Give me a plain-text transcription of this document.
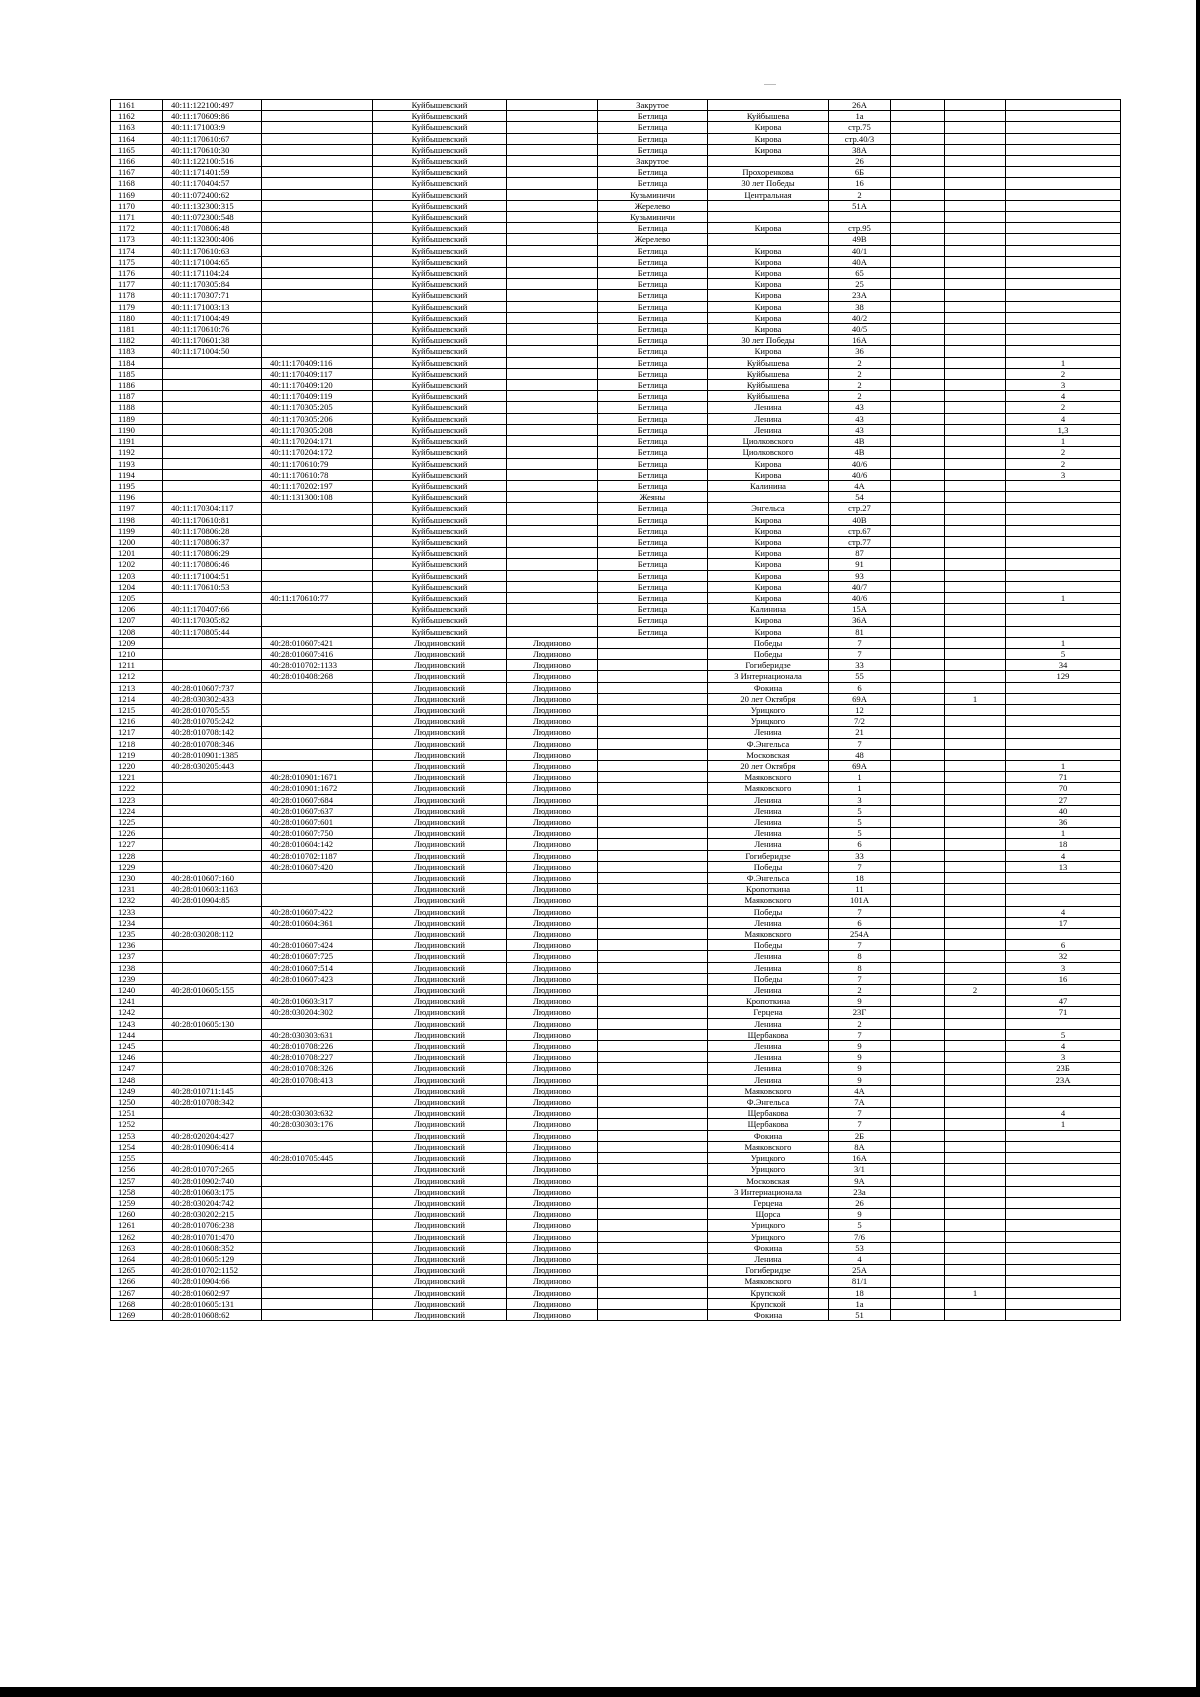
1161	40:11:122100:497		Куйбышевский		Закрутое		26А			
1162	40:11:170609:86		Куйбышевский		Бетлица	Куйбышева	1а			
1163	40:11:171003:9		Куйбышевский		Бетлица	Кирова	стр.75			
1164	40:11:170610:67		Куйбышевский		Бетлица	Кирова	стр.40/3			
1165	40:11:170610:30		Куйбышевский		Бетлица	Кирова	38А			
1166	40:11:122100:516		Куйбышевский		Закрутое		26			
1167	40:11:171401:59		Куйбышевский		Бетлица	Прохоренкова	6Б			
1168	40:11:170404:57		Куйбышевский		Бетлица	30 лет Победы	16			
1169	40:11:072400:62		Куйбышевский		Кузьминичи	Центральная	2			
1170	40:11:132300:315		Куйбышевский		Жерелево		51А			
1171	40:11:072300:548		Куйбышевский		Кузьминичи					
1172	40:11:170806:48		Куйбышевский		Бетлица	Кирова	стр.95			
1173	40:11:132300:406		Куйбышевский		Жерелево		49В			
1174	40:11:170610:63		Куйбышевский		Бетлица	Кирова	40/1			
1175	40:11:171004:65		Куйбышевский		Бетлица	Кирова	40А			
1176	40:11:171104:24		Куйбышевский		Бетлица	Кирова	65			
1177	40:11:170305:84		Куйбышевский		Бетлица	Кирова	25			
1178	40:11:170307:71		Куйбышевский		Бетлица	Кирова	23А			
1179	40:11:171003:13		Куйбышевский		Бетлица	Кирова	38			
1180	40:11:171004:49		Куйбышевский		Бетлица	Кирова	40/2			
1181	40:11:170610:76		Куйбышевский		Бетлица	Кирова	40/5			
1182	40:11:170601:38		Куйбышевский		Бетлица	30 лет Победы	16А			
1183	40:11:171004:50		Куйбышевский		Бетлица	Кирова	36			
1184		40:11:170409:116	Куйбышевский		Бетлица	Куйбышева	2			1
1185		40:11:170409:117	Куйбышевский		Бетлица	Куйбышева	2			2
1186		40:11:170409:120	Куйбышевский		Бетлица	Куйбышева	2			3
1187		40:11:170409:119	Куйбышевский		Бетлица	Куйбышева	2			4
1188		40:11:170305:205	Куйбышевский		Бетлица	Ленина	43			2
1189		40:11:170305:206	Куйбышевский		Бетлица	Ленина	43			4
1190		40:11:170305:208	Куйбышевский		Бетлица	Ленина	43			1,3
1191		40:11:170204:171	Куйбышевский		Бетлица	Циолковского	4В			1
1192		40:11:170204:172	Куйбышевский		Бетлица	Циолковского	4В			2
1193		40:11:170610:79	Куйбышевский		Бетлица	Кирова	40/6			2
1194		40:11:170610:78	Куйбышевский		Бетлица	Кирова	40/6			3
1195		40:11:170202:197	Куйбышевский		Бетлица	Калинина	4А			
1196		40:11:131300:108	Куйбышевский		Жеяны		54			
1197	40:11:170304:117		Куйбышевский		Бетлица	Энгельса	стр.27			
1198	40:11:170610:81		Куйбышевский		Бетлица	Кирова	40В			
1199	40:11:170806:28		Куйбышевский		Бетлица	Кирова	стр.67			
1200	40:11:170806:37		Куйбышевский		Бетлица	Кирова	стр.77			
1201	40:11:170806:29		Куйбышевский		Бетлица	Кирова	87			
1202	40:11:170806:46		Куйбышевский		Бетлица	Кирова	91			
1203	40:11:171004:51		Куйбышевский		Бетлица	Кирова	93			
1204	40:11:170610:53		Куйбышевский		Бетлица	Кирова	40/7			
1205		40:11:170610:77	Куйбышевский		Бетлица	Кирова	40/6			1
1206	40:11:170407:66		Куйбышевский		Бетлица	Калинина	15А			
1207	40:11:170305:82		Куйбышевский		Бетлица	Кирова	36А			
1208	40:11:170805:44		Куйбышевский		Бетлица	Кирова	81			
1209		40:28:010607:421	Людиновский	Людиново		Победы	7			1
1210		40:28:010607:416	Людиновский	Людиново		Победы	7			5
1211		40:28:010702:1133	Людиновский	Людиново		Гогиберидзе	33			34
1212		40:28:010408:268	Людиновский	Людиново		3 Интернационала	55			129
1213	40:28:010607:737		Людиновский	Людиново		Фокина	6			
1214	40:28:030302:433		Людиновский	Людиново		20 лет Октября	69А		1	
1215	40:28:010705:55		Людиновский	Людиново		Урицкого	12			
1216	40:28:010705:242		Людиновский	Людиново		Урицкого	7/2			
1217	40:28:010708:142		Людиновский	Людиново		Ленина	21			
1218	40:28:010708:346		Людиновский	Людиново		Ф.Энгельса	7			
1219	40:28:010901:1385		Людиновский	Людиново		Московская	48			
1220	40:28:030205:443		Людиновский	Людиново		20 лет Октября	69А			1
1221		40:28:010901:1671	Людиновский	Людиново		Маяковского	1			71
1222		40:28:010901:1672	Людиновский	Людиново		Маяковского	1			70
1223		40:28:010607:684	Людиновский	Людиново		Ленина	3			27
1224		40:28:010607:637	Людиновский	Людиново		Ленина	5			40
1225		40:28:010607:601	Людиновский	Людиново		Ленина	5			36
1226		40:28:010607:750	Людиновский	Людиново		Ленина	5			1
1227		40:28:010604:142	Людиновский	Людиново		Ленина	6			18
1228		40:28:010702:1187	Людиновский	Людиново		Гогиберидзе	33			4
1229		40:28:010607:420	Людиновский	Людиново		Победы	7			13
1230	40:28:010607:160		Людиновский	Людиново		Ф.Энгельса	18			
1231	40:28:010603:1163		Людиновский	Людиново		Кропоткина	11			
1232	40:28:010904:85		Людиновский	Людиново		Маяковского	101А			
1233		40:28:010607:422	Людиновский	Людиново		Победы	7			4
1234		40:28:010604:361	Людиновский	Людиново		Ленина	6			17
1235	40:28:030208:112		Людиновский	Людиново		Маяковского	254А			
1236		40:28:010607:424	Людиновский	Людиново		Победы	7			6
1237		40:28:010607:725	Людиновский	Людиново		Ленина	8			32
1238		40:28:010607:514	Людиновский	Людиново		Ленина	8			3
1239		40:28:010607:423	Людиновский	Людиново		Победы	7			16
1240	40:28:010605:155		Людиновский	Людиново		Ленина	2		2	
1241		40:28:010603:317	Людиновский	Людиново		Кропоткина	9			47
1242		40:28:030204:302	Людиновский	Людиново		Герцена	23Г			71
1243	40:28:010605:130		Людиновский	Людиново		Ленина	2			
1244		40:28:030303:631	Людиновский	Людиново		Щербакова	7			5
1245		40:28:010708:226	Людиновский	Людиново		Ленина	9			4
1246		40:28:010708:227	Людиновский	Людиново		Ленина	9			3
1247		40:28:010708:326	Людиновский	Людиново		Ленина	9			23Б
1248		40:28:010708:413	Людиновский	Людиново		Ленина	9			23А
1249	40:28:010711:145		Людиновский	Людиново		Маяковского	4А			
1250	40:28:010708:342		Людиновский	Людиново		Ф.Энгельса	7А			
1251		40:28:030303:632	Людиновский	Людиново		Щербакова	7			4
1252		40:28:030303:176	Людиновский	Людиново		Щербакова	7			1
1253	40:28:020204:427		Людиновский	Людиново		Фокина	2Б			
1254	40:28:010906:414		Людиновский	Людиново		Маяковского	8А			
1255		40:28:010705:445	Людиновский	Людиново		Урицкого	16А			
1256	40:28:010707:265		Людиновский	Людиново		Урицкого	3/1			
1257	40:28:010902:740		Людиновский	Людиново		Московская	9А			
1258	40:28:010603:175		Людиновский	Людиново		3 Интернационала	23а			
1259	40:28:030204:742		Людиновский	Людиново		Герцена	26			
1260	40:28:030202:215		Людиновский	Людиново		Щорса	9			
1261	40:28:010706:238		Людиновский	Людиново		Урицкого	5			
1262	40:28:010701:470		Людиновский	Людиново		Урицкого	7/6			
1263	40:28:010608:352		Людиновский	Людиново		Фокина	53			
1264	40:28:010605:129		Людиновский	Людиново		Ленина	4			
1265	40:28:010702:1152		Людиновский	Людиново		Гогиберидзе	25А			
1266	40:28:010904:66		Людиновский	Людиново		Маяковского	81/1			
1267	40:28:010602:97		Людиновский	Людиново		Крупской	18		1	
1268	40:28:010605:131		Людиновский	Людиново		Крупской	1а			
1269	40:28:010608:62		Людиновский	Людиново		Фокина	51			
